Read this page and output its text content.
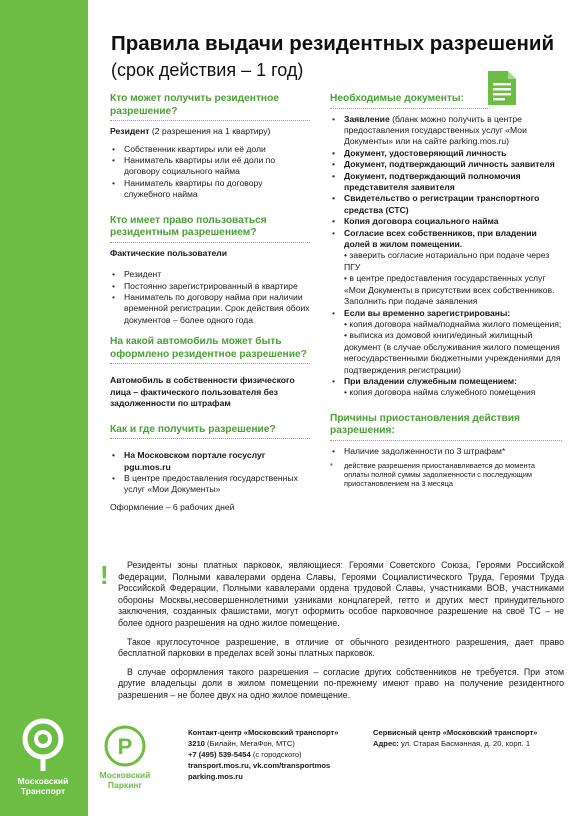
Правила выдачи резидентных разрешений
(срок действия – 1 год)
Кто может получить резидентное разрешение?
Резидент (2 разрешения на 1 квартиру)
• Собственник квартиры или её доли
• Наниматель квартиры или её доли по договору социального найма
• Наниматель квартиры по договору служебного найма
Кто имеет право пользоваться резидентным разрешением?
Фактические пользователи
• Резидент
• Постоянно зарегистрированный в квартире
• Наниматель по договору найма при наличии временной регистрации. Срок действия обоих документов – более одного года
На какой автомобиль может быть оформлено резидентное разрешение?
Автомобиль в собственности физического лица – фактического пользователя без задолженности по штрафам
Как и где получить разрешение?
• На Московском портале госуслуг pgu.mos.ru
• В центре предоставления государственных услуг «Мои Документы»
Оформление – 6 рабочих дней
Необходимые документы:
• Заявление (бланк можно получить в центре предоставления государственных услуг «Мои Документы» или на сайте parking.mos.ru)
• Документ, удостоверяющий личность
• Документ, подтверждающий личность заявителя
• Документ, подтверждающий полномочия представителя заявителя
• Свидетельство о регистрации транспортного средства (СТС)
• Копия договора социального найма
• Согласие всех собственников, при владении долей в жилом помещении.
• заверить согласие нотариально при подаче через ПГУ
• в центре предоставления государственных услуг «Мои Документы в присутствии всех собственников. Заполнить при подаче заявления
• Если вы временно зарегистрированы:
• копия договора найма/поднайма жилого помещения;
• выписка из домовой книги/единый жилищный документ (в случае обслуживания жилого помещения негосударственными бюджетными учреждениями для подтверждения регистрации)
• При владении служебным помещением:
• копия договора найма служебного помещения
Причины приостановления действия разрешения:
• Наличие задолженности по 3 штрафам*
* действие разрешения приостанавливается до момента оплаты полной суммы задолженности с последующим приостановлением на 3 месяца
!	Резиденты зоны платных парковок, являющиеся: Героями Советского Союза, Героями Российской Федерации, Полными кавалерами ордена Славы, Героями Социалистического Труда, Героями Труда Российской Федерации, Полными кавалерами ордена трудовой Славы, участниками ВОВ, участниками обороны Москвы,несовершеннолетними узниками концлагерей, гетто и других мест принудительного заключения, созданных фашистами, могут оформить особое парковочное разрешение на своё ТС – не более одного разрешения на одно жилое помещение.

Такое круглосуточное разрешение, в отличие от обычного резидентного разрешения, дает право бесплатной парковки в пределах всей зоны платных парковок.

В случае оформления такого разрешения – согласие других собственников не требуется. При этом другие владельцы доли в жилом помещении по-прежнему имеют право на получение резидентного разрешения – не более двух на одно жилое помещение.

Московский Транспорт
P
Московский Паркинг
Контакт-центр «Московский транспорт»
3210 (Билайн, МегаФон, МТС)
+7 (495) 539-5454 (с городского)
transport.mos.ru, vk.com/transportmos
parking.mos.ru
Сервисный центр «Московский транспорт»
Адрес: ул. Старая Басманная, д. 20, корп. 1
